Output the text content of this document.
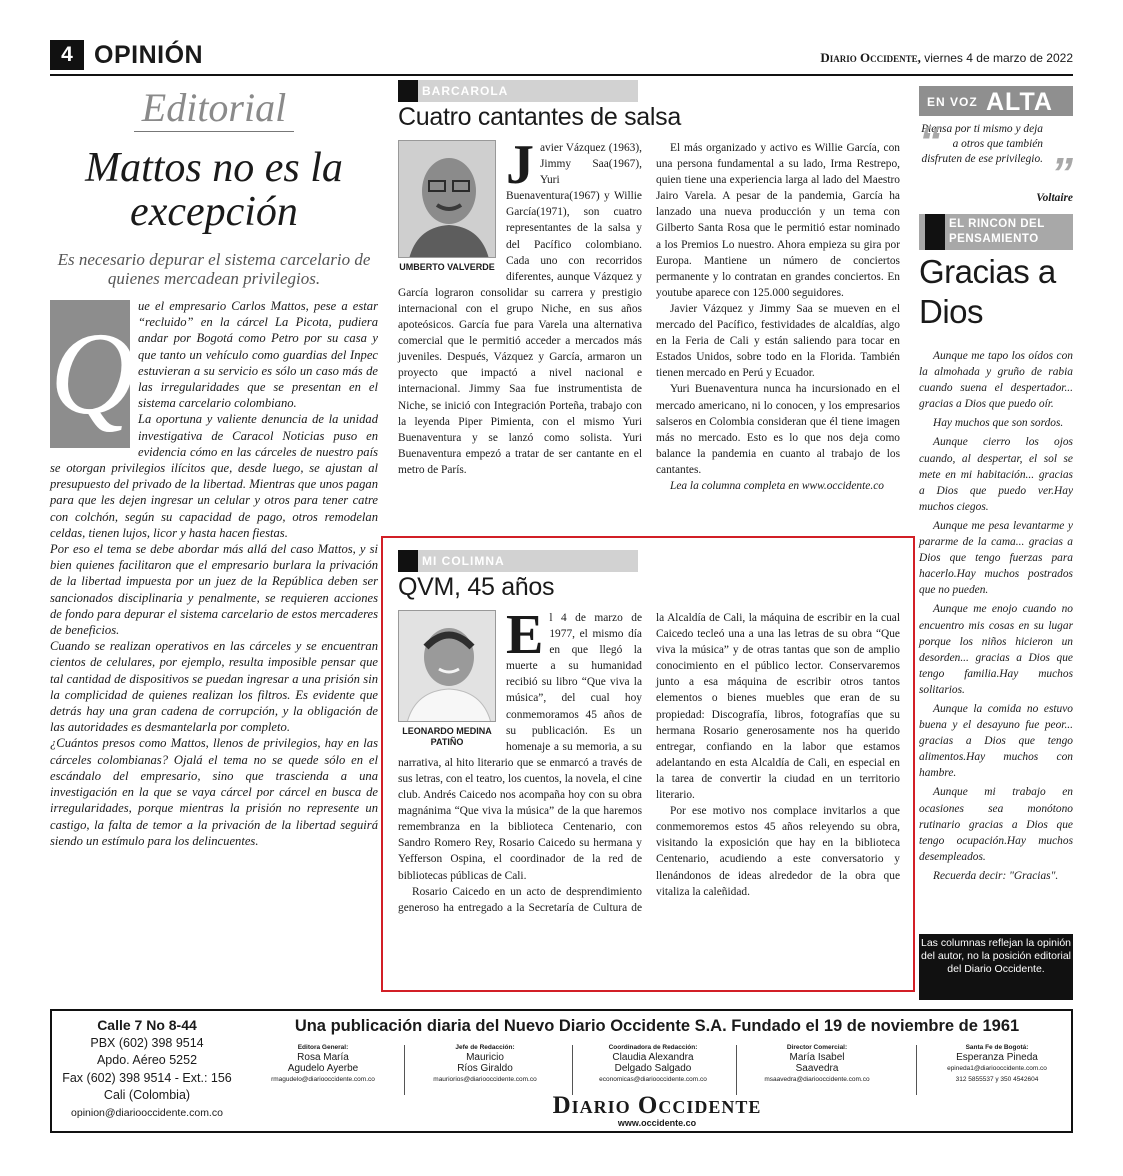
4 OPINIÓN	Diario Occidente, viernes 4 de marzo de 2022
Editorial
Mattos no es la excepción
Es necesario depurar el sistema carcelario de quienes mercadean privilegios.
Q

ue el empresario Carlos Mattos, pese a estar “recluido” en la cárcel La Picota, pudiera andar por Bogotá como Petro por su casa y que tanto un vehículo como guardias del Inpec estuvieran a su servicio es sólo un caso más de las irregularidades que se presentan en el sistema carcelario colombiano.

La oportuna y valiente denuncia de la unidad investigativa de Caracol Noticias puso en evidencia cómo en las cárceles de nuestro país se otorgan privilegios ilícitos que, desde luego, se ajustan al presupuesto del privado de la libertad. Mientras que unos pagan para que les dejen ingresar un celular y otros para tener catre con colchón, según su capacidad de pago, otros remodelan celdas, tienen lujos, licor y hasta hacen fiestas.

Por eso el tema se debe abordar más allá del caso Mattos, y si bien quienes facilitaron que el empresario burlara la privación de la libertad impuesta por un juez de la República deben ser sancionados disciplinaria y penalmente, se requieren acciones de fondo para depurar el sistema carcelario de estos mercaderes de beneficios.

Cuando se realizan operativos en las cárceles y se encuentran cientos de celulares, por ejemplo, resulta imposible pensar que tal cantidad de dispositivos se puedan ingresar a una prisión sin la complicidad de quienes realizan los filtros. Es evidente que detrás hay una gran cadena de corrupción, y la obligación de las autoridades es desmantelarla por completo.

¿Cuántos presos como Mattos, llenos de privilegios, hay en las cárceles colombianas? Ojalá el tema no se quede sólo en el escándalo del empresario, sino que trascienda a una investigación en la que se vaya cárcel por cárcel en busca de irregularidades, porque mientras la prisión no represente un castigo, la falta de temor a la privación de la libertad seguirá siendo un estímulo para los delincuentes.

BARCAROLA
Cuatro cantantes de salsa
UMBERTO VALVERDE
J avier Vázquez (1963), Jimmy Saa(1967), Yuri Buenaventura(1967) y Willie García(1971), son cuatro representantes de la salsa y del Pacífico colombiano. Cada uno con recorridos diferentes, aunque Vázquez y García lograron consolidar su carrera y prestigio internacional con el grupo Niche, en sus años apoteósicos. García fue para Varela una alternativa comercial que le permitió acceder a mercados más juveniles. Después, Vázquez y García, armaron un proyecto que impactó a nivel nacional e internacional. Jimmy Saa fue instrumentista de Niche, se inició con Integración Porteña, trabajo con la leyenda Piper Pimienta, con el mismo Yuri Buenaventura y se lanzó como solista. Yuri Buenaventura empezó a tratar de ser cantante en el metro de París.

El más organizado y activo es Willie García, con una persona fundamental a su lado, Irma Restrepo, quien tiene una experiencia larga al lado del Maestro Jairo Varela. A pesar de la pandemia, García ha lanzado una nueva producción y un tema con Gilberto Santa Rosa que le permitió estar nominado a los Premios Lo nuestro. Ahora empieza su gira por Europa. Mantiene un número de conciertos permanente y lo contratan en grandes conciertos. En youtube aparece con 125.000 seguidores.

Javier Vázquez y Jimmy Saa se mueven en el mercado del Pacífico, festividades de alcaldías, algo en la Feria de Cali y están saliendo para tocar en Estados Unidos, sobre todo en la Florida. También tienen mercado en Perú y Ecuador.

Yuri Buenaventura nunca ha incursionado en el mercado americano, ni lo conocen, y los empresarios salseros en Colombia consideran que él tiene imagen más no mercado. Esto es lo que nos deja como balance la pandemia en cuanto al trabajo de los cantantes.

Lea la columna completa en www.occidente.co

MI COLIMNA
QVM, 45 años
LEONARDO MEDINA PATIÑO
E l 4 de marzo de 1977, el mismo día en que llegó la muerte a su humanidad recibió su libro “Que viva la música”, del cual hoy conmemoramos 45 años de su publicación. Es un homenaje a su memoria, a su narrativa, al hito literario que se enmarcó a través de sus letras, con el teatro, los cuentos, la novela, el cine club. Andrés Caicedo nos acompaña hoy con su obra magnánima “Que viva la música” de la que haremos remembranza en la biblioteca Centenario, con Sandro Romero Rey, Rosario Caicedo su hermana y Yefferson Ospina, el coordinador de la red de bibliotecas públicas de Cali.

Rosario Caicedo en un acto de desprendimiento generoso ha entregado a la Secretaría de Cultura de la Alcaldía de Cali, la máquina de escribir en la cual Caicedo tecleó una a una las letras de su obra “Que viva la música” y de otras tantas que son de amplio conocimiento en el público lector. Conservaremos junto a esa máquina de escribir otros tantos elementos o bienes muebles que eran de su propiedad: Discografía, libros, fotografías que su hermana Rosario generosamente nos ha querido entregar, confiando en la labor que estamos adelantando en esta Alcaldía de Cali, en especial en la tarea de convertir la ciudad en un territorio literario.

Por ese motivo nos complace invitarlos a que conmemoremos estos 45 años releyendo su obra, visitando la exposición que hay en la biblioteca Centenario, acudiendo a este conversatorio y llenándonos de ideas alrededor de la obra que vitaliza la caleñidad.

EN VOZ ALTA
“
Piensa por ti mismo y deja a otros que también disfruten de ese privilegio. ”
Voltaire
EL RINCON DEL PENSAMIENTO
Gracias a Dios

Aunque me tapo los oídos con la almohada y gruño de rabia cuando suena el despertador... gracias a Dios que puedo oír.

Hay muchos que son sordos.

Aunque cierro los ojos cuando, al despertar, el sol se mete en mi habitación... gracias a Dios que puedo ver.Hay muchos ciegos.

Aunque me pesa levantarme y pararme de la cama... gracias a Dios que tengo fuerzas para hacerlo.Hay muchos postrados que no pueden.

Aunque me enojo cuando no encuentro mis cosas en su lugar porque los niños hicieron un desorden... gracias a Dios que tengo familia.Hay muchos solitarios.

Aunque la comida no estuvo buena y el desayuno fue peor... gracias a Dios que tengo alimentos.Hay muchos con hambre.

Aunque mi trabajo en ocasiones sea monótono rutinario gracias a Dios que tengo ocupación.Hay muchos desempleados.

Recuerda decir: "Gracias".

Las columnas reflejan la opinión del autor, no la posición editorial del Diario Occidente.
Calle 7 No 8-44
PBX (602) 398 9514
Apdo. Aéreo 5252
Fax (602) 398 9514 - Ext.: 156
Cali (Colombia)
opinion@diariooccidente.com.co
Una publicación diaria del Nuevo Diario Occidente S.A. Fundado el 19 de noviembre de 1961
Editora General:
Rosa María
Agudelo Ayerbe
rmagudelo@diariooccidente.com.co
Jefe de Redacción:
Mauricio
Ríos Giraldo
mauriorios@diariooccidente.com.co
Coordinadora de Redacción:
Claudia Alexandra
Delgado Salgado
economicas@diariooccidente.com.co
Director Comercial:
María Isabel
Saavedra
msaavedra@diariooccidente.com.co
Santa Fe de Bogotá:
Esperanza Pineda
epineda1@diariooccidente.com.co
312 5855537 y 350 4542604
Diario Occidente
www.occidente.co
